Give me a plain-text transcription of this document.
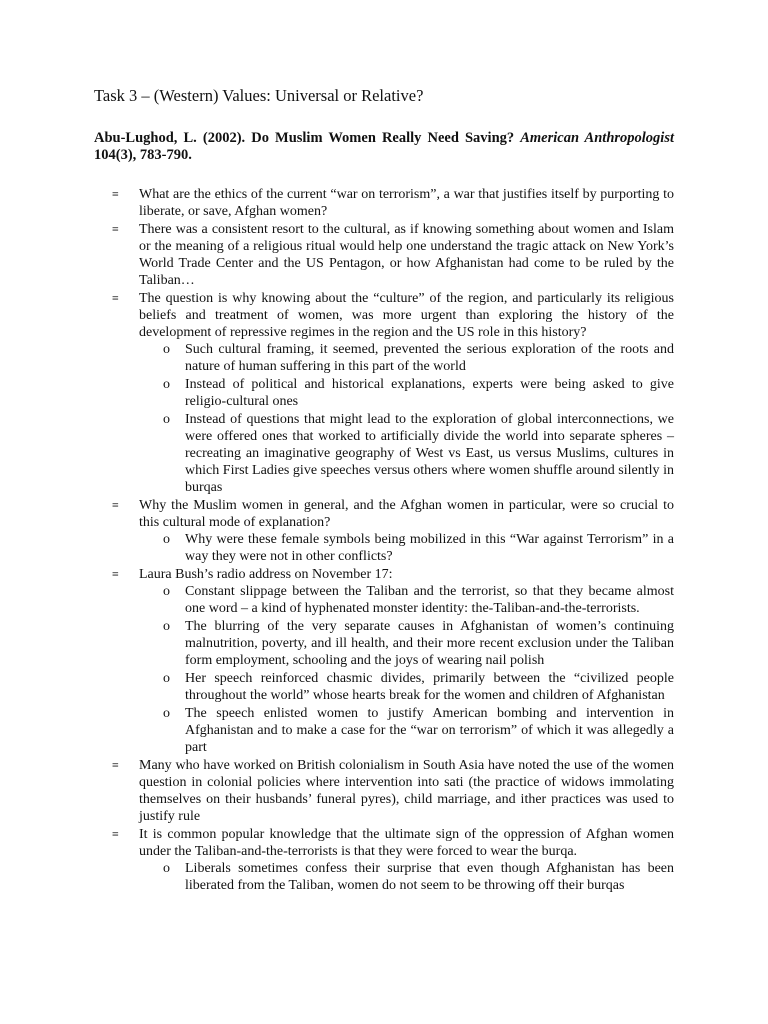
Task 3 – (Western) Values: Universal or Relative?
Abu-Lughod, L. (2002). Do Muslim Women Really Need Saving? American Anthropologist 104(3), 783-790.
≡ What are the ethics of the current “war on terrorism”, a war that justifies itself by purporting to liberate, or save, Afghan women?
≡ There was a consistent resort to the cultural, as if knowing something about women and Islam or the meaning of a religious ritual would help one understand the tragic attack on New York’s World Trade Center and the US Pentagon, or how Afghanistan had come to be ruled by the Taliban…
≡ The question is why knowing about the “culture” of the region, and particularly its religious beliefs and treatment of women, was more urgent than exploring the history of the development of repressive regimes in the region and the US role in this history?
o Such cultural framing, it seemed, prevented the serious exploration of the roots and nature of human suffering in this part of the world
o Instead of political and historical explanations, experts were being asked to give religio-cultural ones
o Instead of questions that might lead to the exploration of global interconnections, we were offered ones that worked to artificially divide the world into separate spheres – recreating an imaginative geography of West vs East, us versus Muslims, cultures in which First Ladies give speeches versus others where women shuffle around silently in burqas
≡ Why the Muslim women in general, and the Afghan women in particular, were so crucial to this cultural mode of explanation?
o Why were these female symbols being mobilized in this “War against Terrorism” in a way they were not in other conflicts?
≡ Laura Bush’s radio address on November 17:
o Constant slippage between the Taliban and the terrorist, so that they became almost one word – a kind of hyphenated monster identity: the-Taliban-and-the-terrorists.
o The blurring of the very separate causes in Afghanistan of women’s continuing malnutrition, poverty, and ill health, and their more recent exclusion under the Taliban form employment, schooling and the joys of wearing nail polish
o Her speech reinforced chasmic divides, primarily between the “civilized people throughout the world” whose hearts break for the women and children of Afghanistan
o The speech enlisted women to justify American bombing and intervention in Afghanistan and to make a case for the “war on terrorism” of which it was allegedly a part
≡ Many who have worked on British colonialism in South Asia have noted the use of the women question in colonial policies where intervention into sati (the practice of widows immolating themselves on their husbands’ funeral pyres), child marriage, and ither practices was used to justify rule
≡ It is common popular knowledge that the ultimate sign of the oppression of Afghan women under the Taliban-and-the-terrorists is that they were forced to wear the burqa.
o Liberals sometimes confess their surprise that even though Afghanistan has been liberated from the Taliban, women do not seem to be throwing off their burqas
